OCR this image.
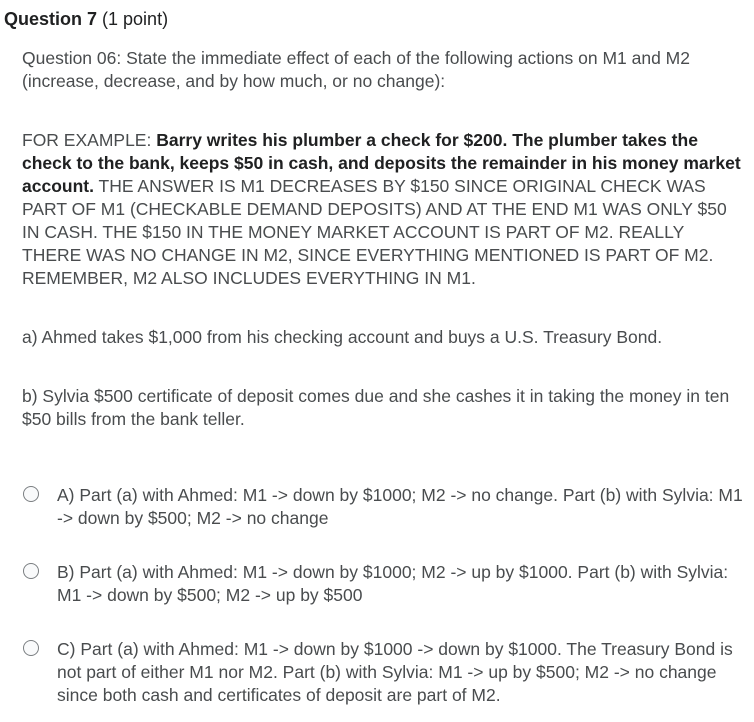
Question 7 (1 point)

Question 06: State the immediate effect of each of the following actions on M1 and M2 (increase, decrease, and by how much, or no change):

FOR EXAMPLE: Barry writes his plumber a check for $200. The plumber takes the check to the bank, keeps $50 in cash, and deposits the remainder in his money market account. THE ANSWER IS M1 DECREASES BY $150 SINCE ORIGINAL CHECK WAS PART OF M1 (CHECKABLE DEMAND DEPOSITS) AND AT THE END M1 WAS ONLY $50 IN CASH. THE $150 IN THE MONEY MARKET ACCOUNT IS PART OF M2. REALLY THERE WAS NO CHANGE IN M2, SINCE EVERYTHING MENTIONED IS PART OF M2. REMEMBER, M2 ALSO INCLUDES EVERYTHING IN M1.

a) Ahmed takes $1,000 from his checking account and buys a U.S. Treasury Bond.

b) Sylvia $500 certificate of deposit comes due and she cashes it in taking the money in ten $50 bills from the bank teller.

A) Part (a) with Ahmed: M1 -> down by $1000; M2 -> no change. Part (b) with Sylvia: M1 -> down by $500; M2 -> no change
B) Part (a) with Ahmed: M1 -> down by $1000; M2 -> up by $1000. Part (b) with Sylvia: M1 -> down by $500; M2 -> up by $500
C) Part (a) with Ahmed: M1 -> down by $1000 -> down by $1000. The Treasury Bond is not part of either M1 nor M2. Part (b) with Sylvia: M1 -> up by $500; M2 -> no change since both cash and certificates of deposit are part of M2.
